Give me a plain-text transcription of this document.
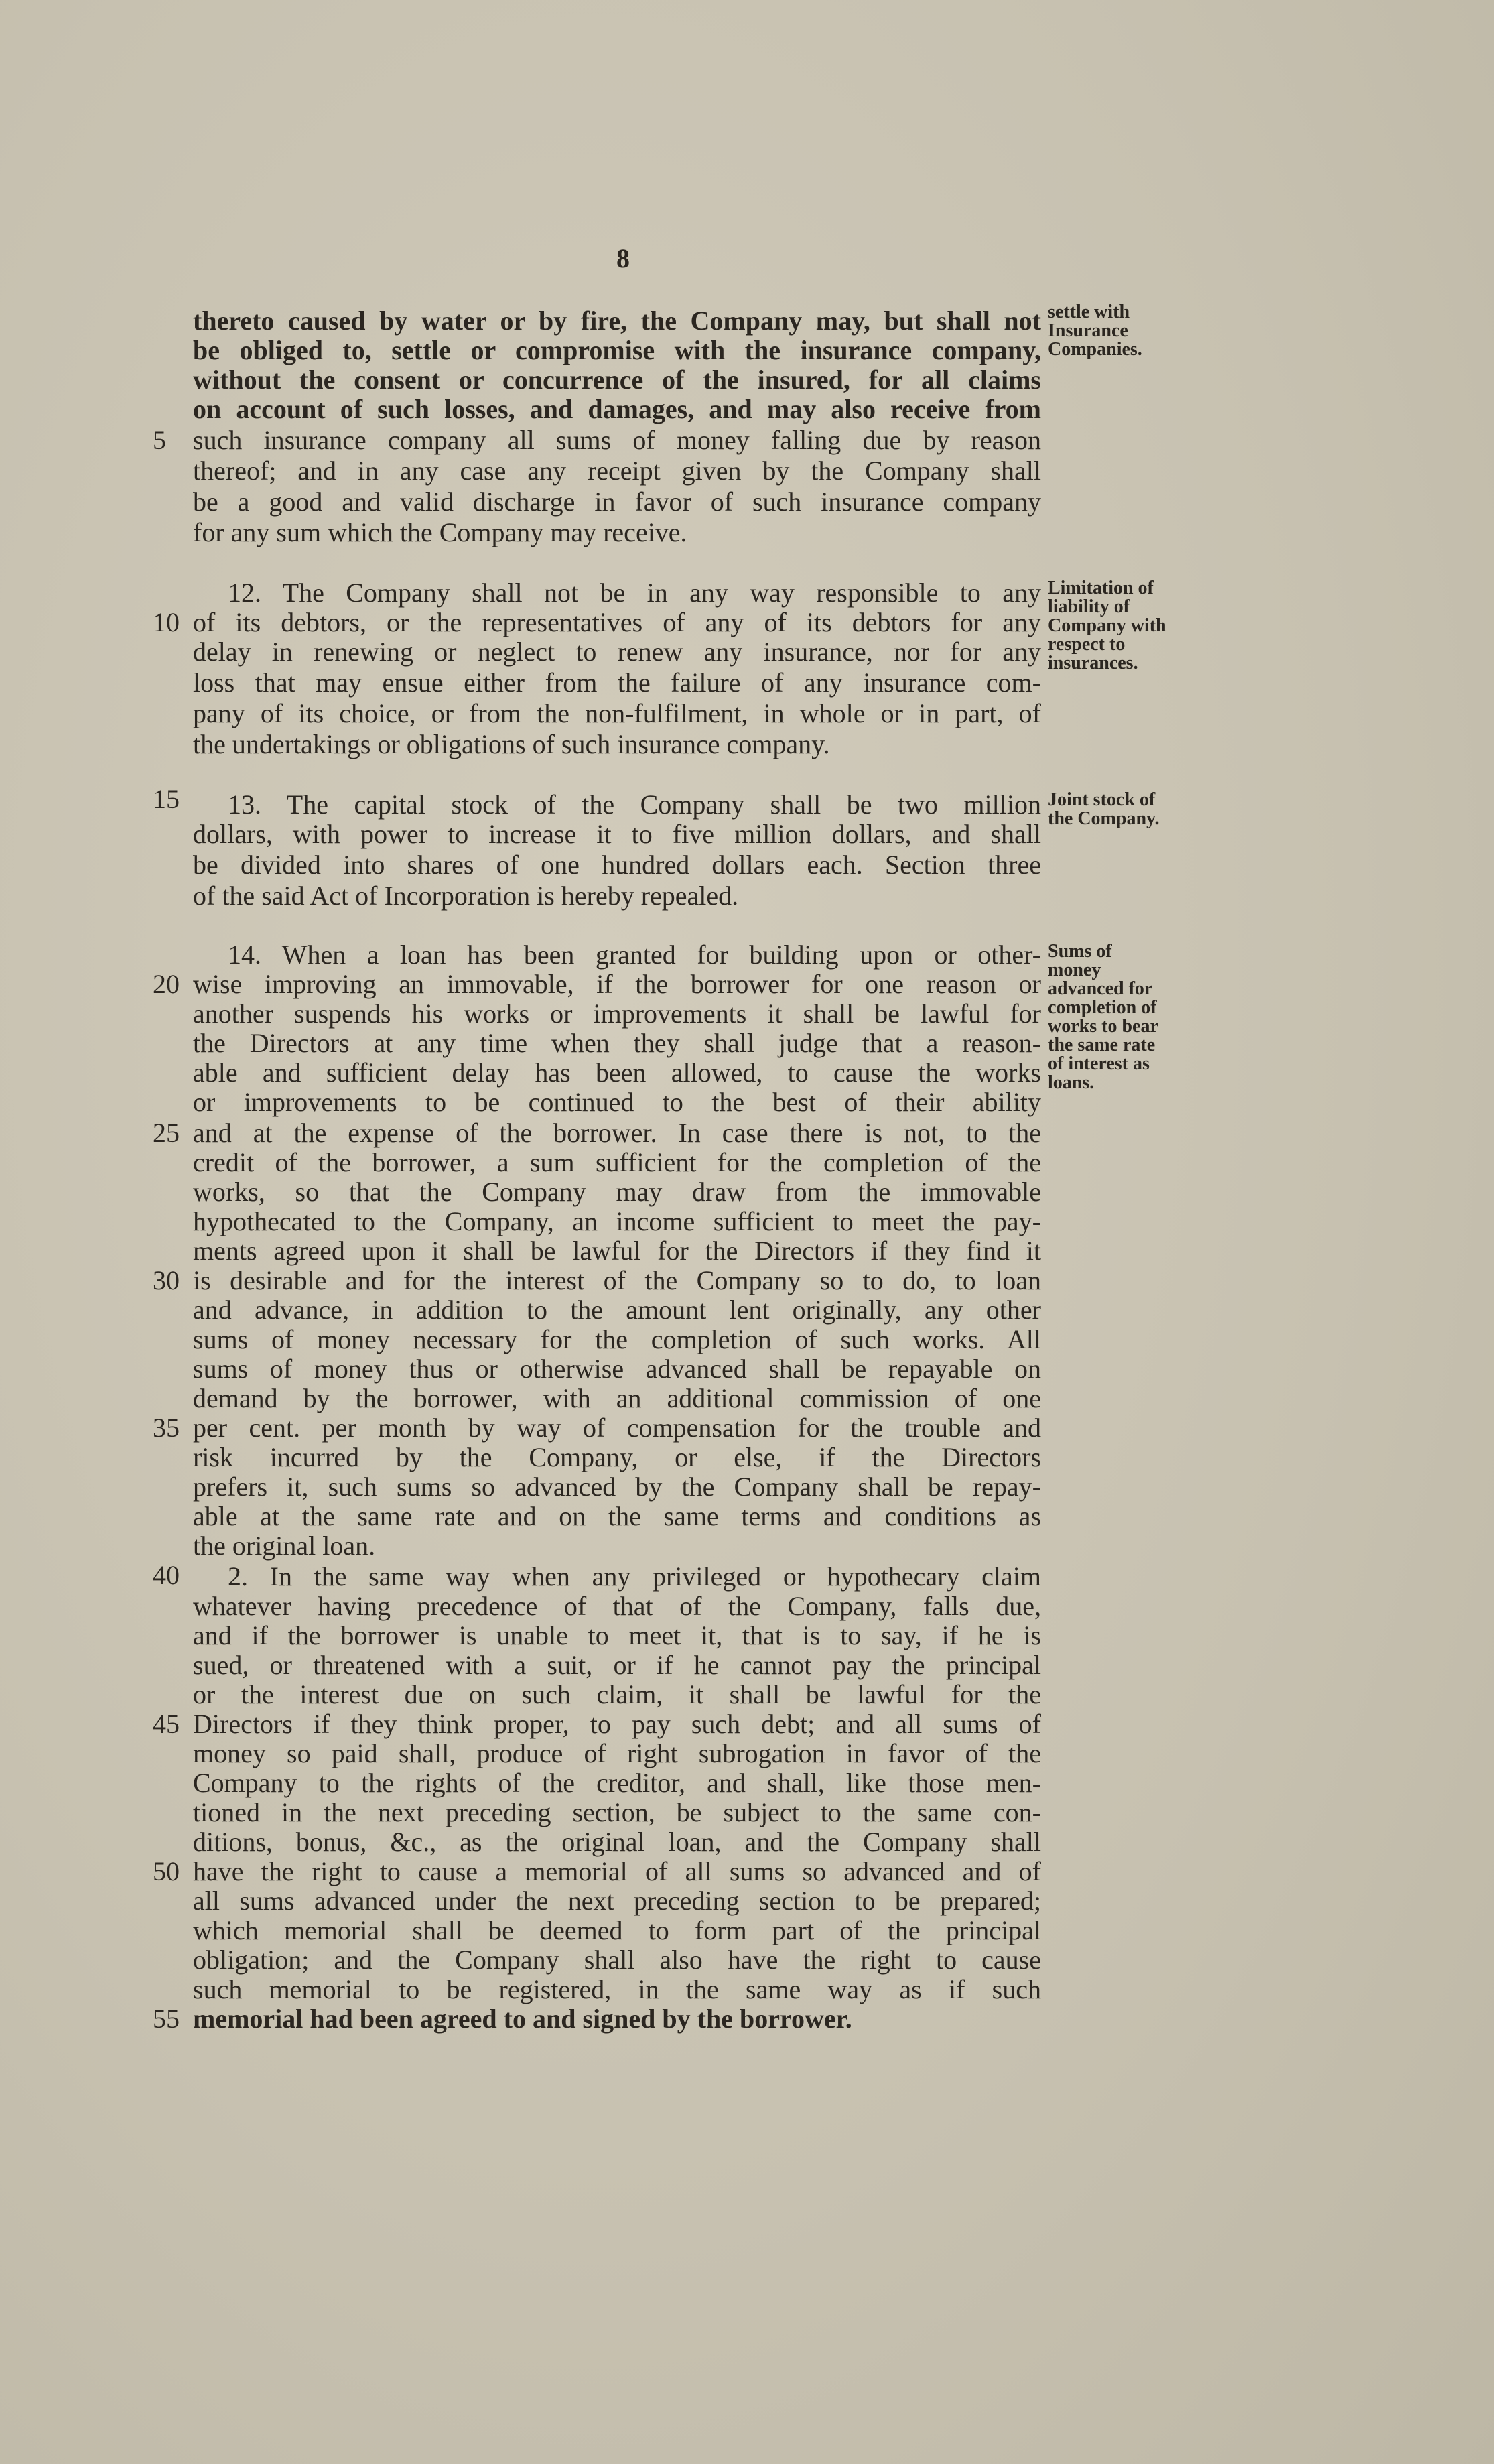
8
thereto caused by water or by fire, the Company may, but shall not
be obliged to, settle or compromise with the insurance company,
without the consent or concurrence of the insured, for all claims
on account of such losses, and damages, and may also receive from
such insurance company all sums of money falling due by reason
thereof; and in any case any receipt given by the Company shall
be a good and valid discharge in favor of such insurance company
for any sum which the Company may receive.
12. The Company shall not be in any way responsible to any
of its debtors, or the representatives of any of its debtors for any
delay in renewing or neglect to renew any insurance, nor for any
loss that may ensue either from the failure of any insurance com-
pany of its choice, or from the non-fulfilment, in whole or in part, of
the undertakings or obligations of such insurance company.
13. The capital stock of the Company shall be two million
dollars, with power to increase it to five million dollars, and shall
be divided into shares of one hundred dollars each. Section three
of the said Act of Incorporation is hereby repealed.
14. When a loan has been granted for building upon or other-
wise improving an immovable, if the borrower for one reason or
another suspends his works or improvements it shall be lawful for
the Directors at any time when they shall judge that a reason-
able and sufficient delay has been allowed, to cause the works
or improvements to be continued to the best of their ability
and at the expense of the borrower. In case there is not, to the
credit of the borrower, a sum sufficient for the completion of the
works, so that the Company may draw from the immovable
hypothecated to the Company, an income sufficient to meet the pay-
ments agreed upon it shall be lawful for the Directors if they find it
is desirable and for the interest of the Company so to do, to loan
and advance, in addition to the amount lent originally, any other
sums of money necessary for the completion of such works. All
sums of money thus or otherwise advanced shall be repayable on
demand by the borrower, with an additional commission of one
per cent. per month by way of compensation for the trouble and
risk incurred by the Company, or else, if the Directors
prefers it, such sums so advanced by the Company shall be repay-
able at the same rate and on the same terms and conditions as
the original loan.
2. In the same way when any privileged or hypothecary claim
whatever having precedence of that of the Company, falls due,
and if the borrower is unable to meet it, that is to say, if he is
sued, or threatened with a suit, or if he cannot pay the principal
or the interest due on such claim, it shall be lawful for the
Directors if they think proper, to pay such debt; and all sums of
money so paid shall, produce of right subrogation in favor of the
Company to the rights of the creditor, and shall, like those men-
tioned in the next preceding section, be subject to the same con-
ditions, bonus, &c., as the original loan, and the Company shall
have the right to cause a memorial of all sums so advanced and of
all sums advanced under the next preceding section to be prepared;
which memorial shall be deemed to form part of the principal
obligation; and the Company shall also have the right to cause
such memorial to be registered, in the same way as if such
memorial had been agreed to and signed by the borrower.
5
10
15
20
25
30
35
40
45
50
55
settle with
Insurance
Companies.
Limitation of
liability of
Company with
respect to
insurances.
Joint stock of
the Company.
Sums of
money
advanced for
completion of
works to bear
the same rate
of interest as
loans.
